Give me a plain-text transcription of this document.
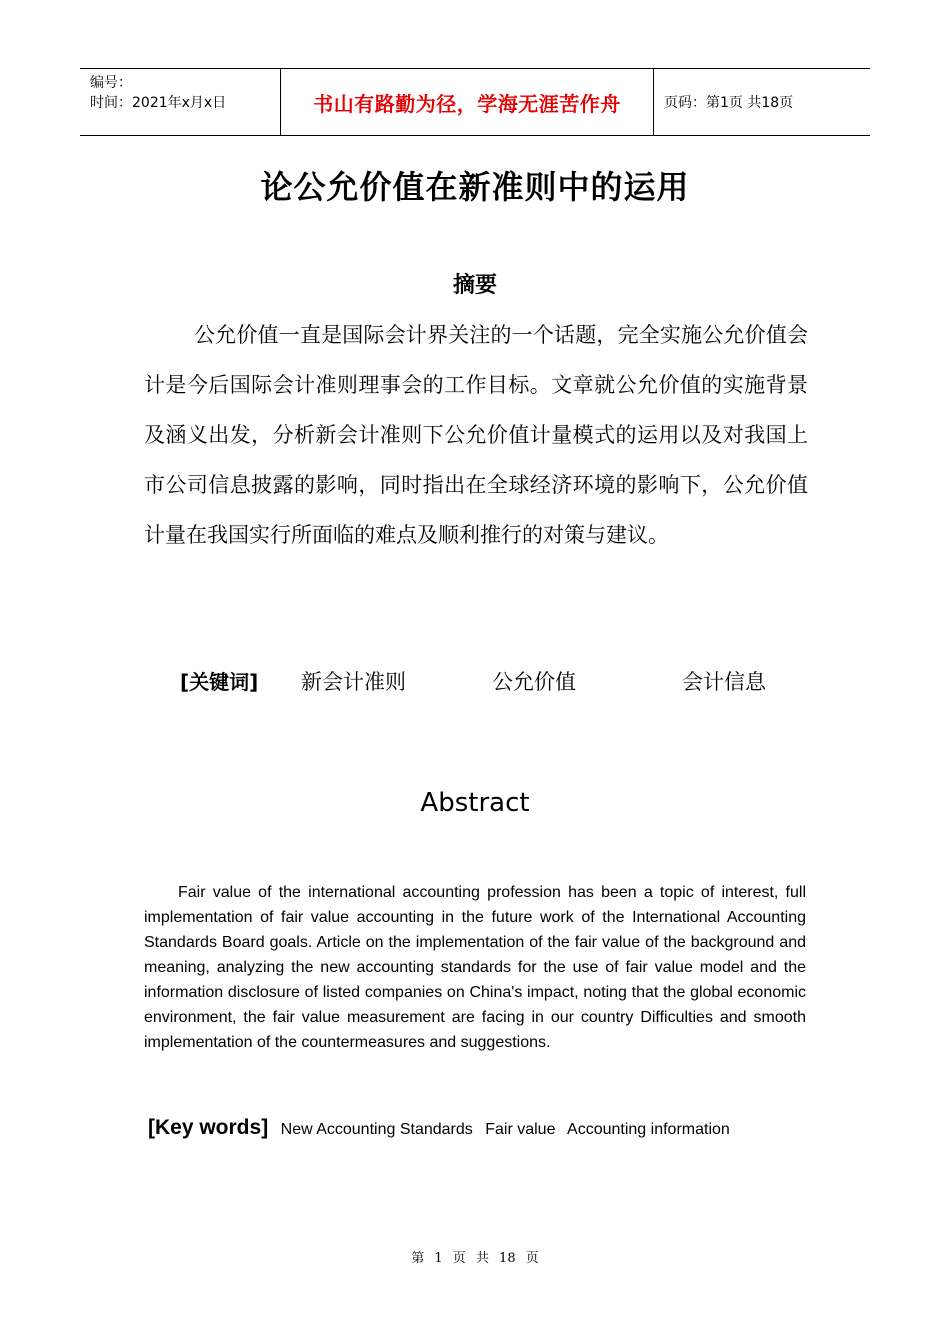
编号：
时间：2021年x月x日	书山有路勤为径，学海无涯苦作舟	页码：第1页 共18页
论公允价值在新准则中的运用
摘要

公允价值一直是国际会计界关注的一个话题，完全实施公允价值会计是今后国际会计准则理事会的工作目标。文章就公允价值的实施背景及涵义出发，分析新会计准则下公允价值计量模式的运用以及对我国上市公司信息披露的影响，同时指出在全球经济环境的影响下，公允价值计量在我国实行所面临的难点及顺利推行的对策与建议。

[关键词] 新会计准则	公允价值	会计信息
Abstract

Fair value of the international accounting profession has been a topic of interest, full implementation of fair value accounting in the future work of the International Accounting Standards Board goals. Article on the implementation of the fair value of the background and meaning, analyzing the new accounting standards for the use of fair value model and the information disclosure of listed companies on China's impact, noting that the global economic environment, the fair value measurement are facing in our country Difficulties and smooth implementation of the countermeasures and suggestions.

[Key words] New Accounting Standards Fair value Accounting information
第 1 页 共 18 页
